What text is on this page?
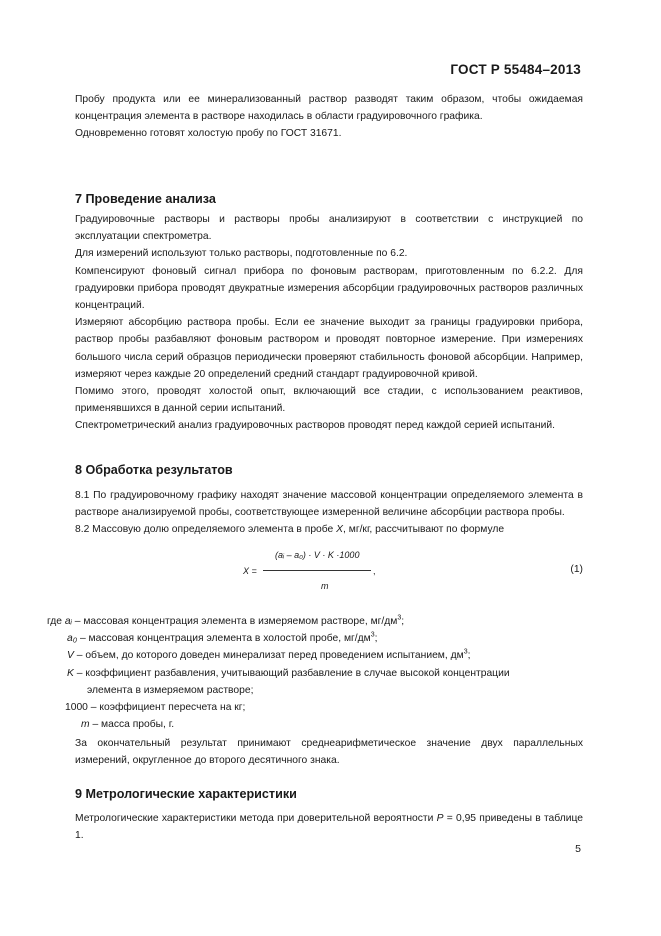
ГОСТ Р 55484–2013

Пробу продукта или ее минерализованный раствор разводят таким образом, чтобы ожидаемая концентрация элемента в растворе находилась в области градуировочного графика.

Одновременно готовят холостую пробу по ГОСТ 31671.

7 Проведение анализа

Градуировочные растворы и растворы пробы анализируют в соответствии с инструкцией по эксплуатации спектрометра.

Для измерений используют только растворы, подготовленные по 6.2.

Компенсируют фоновый сигнал прибора по фоновым растворам, приготовленным по 6.2.2. Для градуировки прибора проводят двукратные измерения абсорбции градуировочных растворов различных концентраций.

Измеряют абсорбцию раствора пробы. Если ее значение выходит за границы градуировки прибора, раствор пробы разбавляют фоновым раствором и проводят повторное измерение. При измерениях большого числа серий образцов периодически проверяют стабильность фоновой абсорбции. Например, измеряют через каждые 20 определений средний стандарт градуировочной кривой.

Помимо этого, проводят холостой опыт, включающий все стадии, с использованием реактивов, применявшихся в данной серии испытаний.

Спектрометрический анализ градуировочных растворов проводят перед каждой серией испытаний.

8 Обработка результатов

8.1 По градуировочному графику находят значение массовой концентрации определяемого элемента в растворе анализируемой пробы, соответствующее измеренной величине абсорбции раствора пробы.

8.2 Массовую долю определяемого элемента в пробе X, мг/кг, рассчитывают по формуле

(aᵢ – a₀) · V · K ·1000
X =	,
m
(1)

где aᵢ – массовая концентрация элемента в измеряемом растворе, $мг/дм^3$;

a₀ – массовая концентрация элемента в холостой пробе, $мг/дм^3$;

V – объем, до которого доведен минерализат перед проведением испытанием, $дм^3$;

K – коэффициент разбавления, учитывающий разбавление в случае высокой концентрации

элемента в измеряемом растворе;

1000 – коэффициент пересчета на кг;

m – масса пробы, г.

За окончательный результат принимают среднеарифметическое значение двух параллельных измерений, округленное до второго десятичного знака.

9 Метрологические характеристики

Метрологические характеристики метода при доверительной вероятности P = 0,95 приведены в таблице 1.

5
